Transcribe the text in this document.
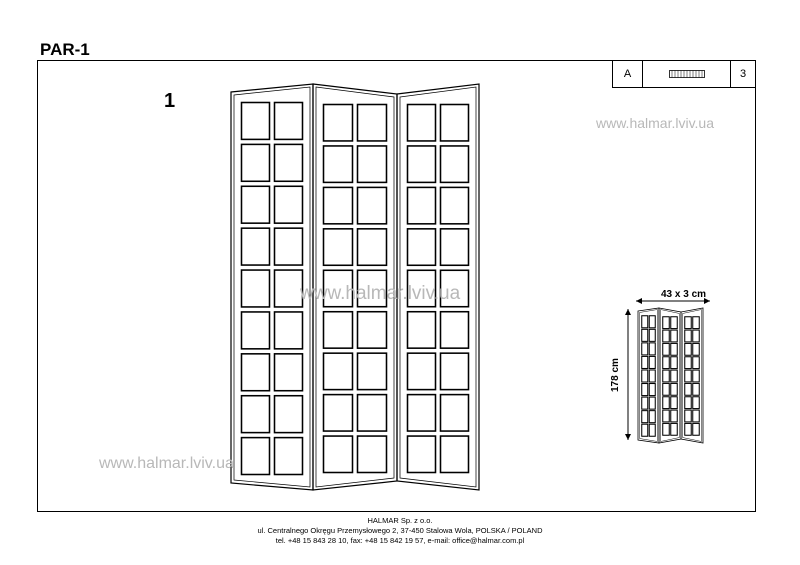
PAR-1
A	3
1
www.halmar.lviv.ua
www.halmar.lviv.ua
www.halmar.lviv.ua
43 x 3 cm
178 cm
HALMAR Sp. z o.o.
ul. Centralnego Okręgu Przemysłowego 2, 37-450 Stalowa Wola, POLSKA / POLAND
tel. +48 15 843 28 10, fax: +48 15 842 19 57, e-mail: office@halmar.com.pl
